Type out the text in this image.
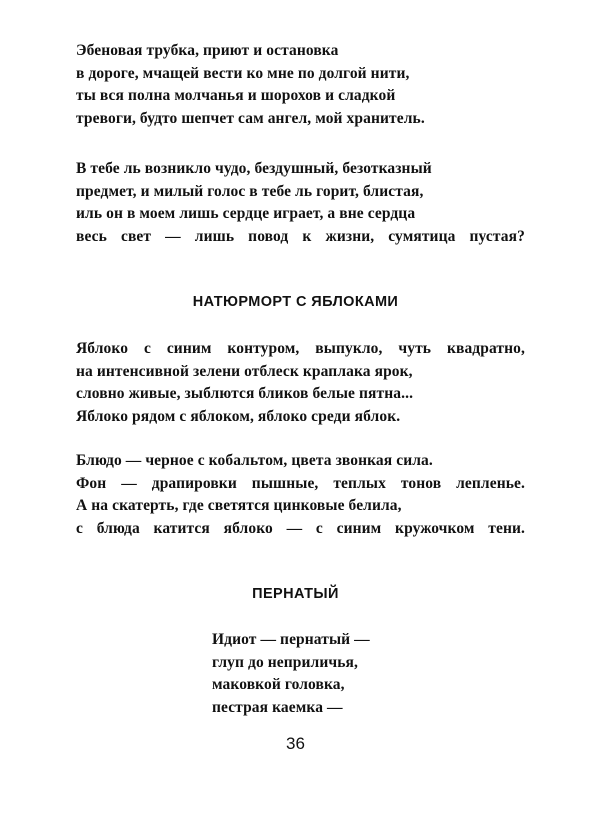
Эбеновая трубка, приют и остановка
в дороге, мчащей вести ко мне по долгой нити,
ты вся полна молчанья и шорохов и сладкой
тревоги, будто шепчет сам ангел, мой хранитель.
В тебе ль возникло чудо, бездушный, безотказный
предмет, и милый голос в тебе ль горит, блистая,
иль он в моем лишь сердце играет, а вне сердца
весь свет — лишь повод к жизни, сумятица пустая?
НАТЮРМОРТ С ЯБЛОКАМИ
Яблоко с синим контуром, выпукло, чуть квадратно,
на интенсивной зелени отблеск краплака ярок,
словно живые, зыблются бликов белые пятна...
Яблоко рядом с яблоком, яблоко среди яблок.
Блюдо — черное с кобальтом, цвета звонкая сила.
Фон — драпировки пышные, теплых тонов лепленье.
А на скатерть, где светятся цинковые белила,
с блюда катится яблоко — с синим кружочком тени.
ПЕРНАТЫЙ
Идиот — пернатый —
глуп до неприличья,
маковкой головка,
пестрая каемка —
36
